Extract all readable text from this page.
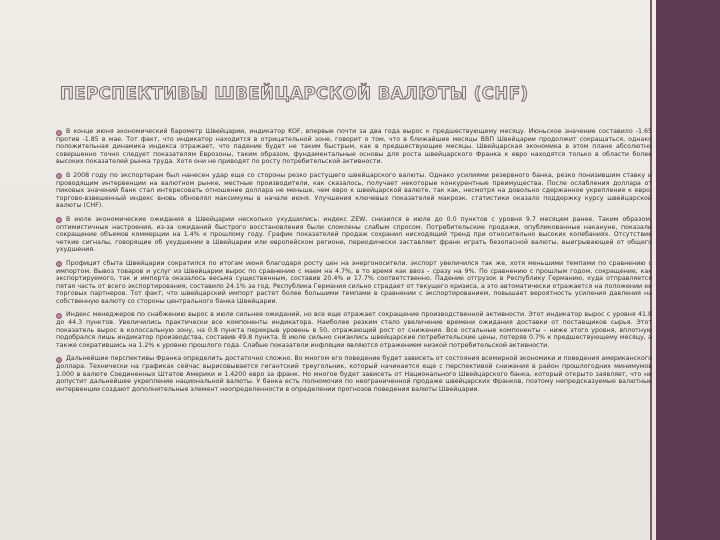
ПЕРСПЕКТИВЫ ШВЕЙЦАРСКОЙ ВАЛЮТЫ (CHF)
В конце июня экономический барометр Швейцарии, индикатор KOF, впервые почти за два года вырос к предшествующему месяцу. Июньское значение составило -1.65 против -1.85 в мае. Тот факт, что индикатор находится в отрицательной зоне, говорит о том, что в ближайшие месяцы ВВП Швейцарии продолжит сокращаться, однако положительная динамика индекса отражает, что падение будет не таким быстрым, как в предшествующие месяцы. Швейцарская экономика в этом плане абсолютно совершенно точно следует показателям Еврозоны, таким образом, фундаментальные основы для роста швейцарского Франка к евро находятся только в области более высоких показателей рынка труда. Хотя они не приводят по росту потребительской активности.
В 2008 году по экспортерам был нанесен удар еще со стороны резко растущего швейцарского валюты. Однако усилиями резервного банка, резко понизившим ставку и проводящим интервенции на валютном рынке, местные производители, как сказалось, получает некоторые конкурентные преимущества. После ослабления доллара от пиковых значений банк стал интересовать отношение доллара не меньше, чем евро к швейцарской валюте, так как, несмотря на довольно сдержанное укрепление к евро, торгово-взвешенный индекс вновь обновлял максимумы в начале июня. Улучшения ключевых показателей макроэк. статистики оказало поддержку курсу швейцарской валюты (CHF).
В июле экономические ожидания в Швейцарии несколько ухудшились: индекс ZEW, снизился в июле до 0.0 пунктов с уровня 9.7 месяцем ранее. Таким образом, оптимистичные настроения, из-за ожиданий быстрого восстановления были сломлены слабым спросом. Потребительские продажи, опубликованные накануне, показали сокращение объемов коммерции на 1.4% к прошлому году. График показателей продаж сохранил нисходящий тренд при относительно высоких колебаниях. Отсутствие четкие сигналы, говорящие об ухудшении в Швейцарии или европейском регионе, периодически заставляет франк играть безопасной валюты, выигрывающей от общего ухудшения.
Профицит сбыта Швейцарии сократился по итогам июня благодаря росту цен на энергоносители. экспорт увеличился так же, хотя меньшими темпами по сравнению с импортом. Вывоз товаров и услуг из Швейцарии вырос по сравнению с маем на 4.7%, в то время как ввоз – сразу на 9%. По сравнению с прошлым годом, сокращение, как экспортируемого, так и импорта оказалось весьма существенным, составив 20.4% и 17.7% соответственно. Падение отгрузок в Республику Германию, куда отправляется пятая часть от всего экспортирования, составило 24.1% за год. Республика Германия сильно страдает от текущего кризиса, а это автоматически отражается на положении ее торговых партнеров. Тот факт, что швейцарский импорт растет более большими темпами в сравнении с экспортированием, повышает вероятность усиления давления на собственную валюту со стороны центрального банка Швейцарии.
Индекс менеджеров по снабжению вырос в июле сильнее ожиданий, но все еще отражает сокращение производственной активности. Этот индикатор вырос с уровня 41.8 до 44.3 пунктов. Увеличились практически все компоненты индикатора. Наиболее резким стало увеличение времени ожидания доставки от поставщиков сырья. Этот показатель вырос в колоссальную зону, на 0.8 пункта перекрыв уровень в 50, отражающий рост от снижения. Все остальные компоненты – ниже этого уровня, вплотную подобрался лишь индикатор производства, составив 49.8 пункта. В июле сильно снизились швейцарские потребительские цены, потеряв 0.7% к предшествующему месяцу, а также сократившись на 1.2% к уровню прошлого года. Слабые показатели инфляции являются отражением низкой потребительской активности.
Дальнейшие перспективы Франка определить достаточно сложно. Во многом его поведение будет зависеть от состояния всемирной экономики и поведения американского доллара. Технически на графиках сейчас вырисовывается гигантский треугольник, который начинается еще с перспективой снижения в район прошлогодних минимумов 1.000 в валюте Соединенных Штатов Америки и 1.4200 евро за франк. Но многое будет зависеть от Национального Швейцарского банка, который открыто заявляет, что не допустит дальнейшее укрепление национальной валюты. У банка есть полномочия по неограниченной продаже швейцарских Франков, поэтому непредсказуемые валютные интервенции создают дополнительные элемент неопределенности в определении прогнозов поведения валюты Швейцарии.
